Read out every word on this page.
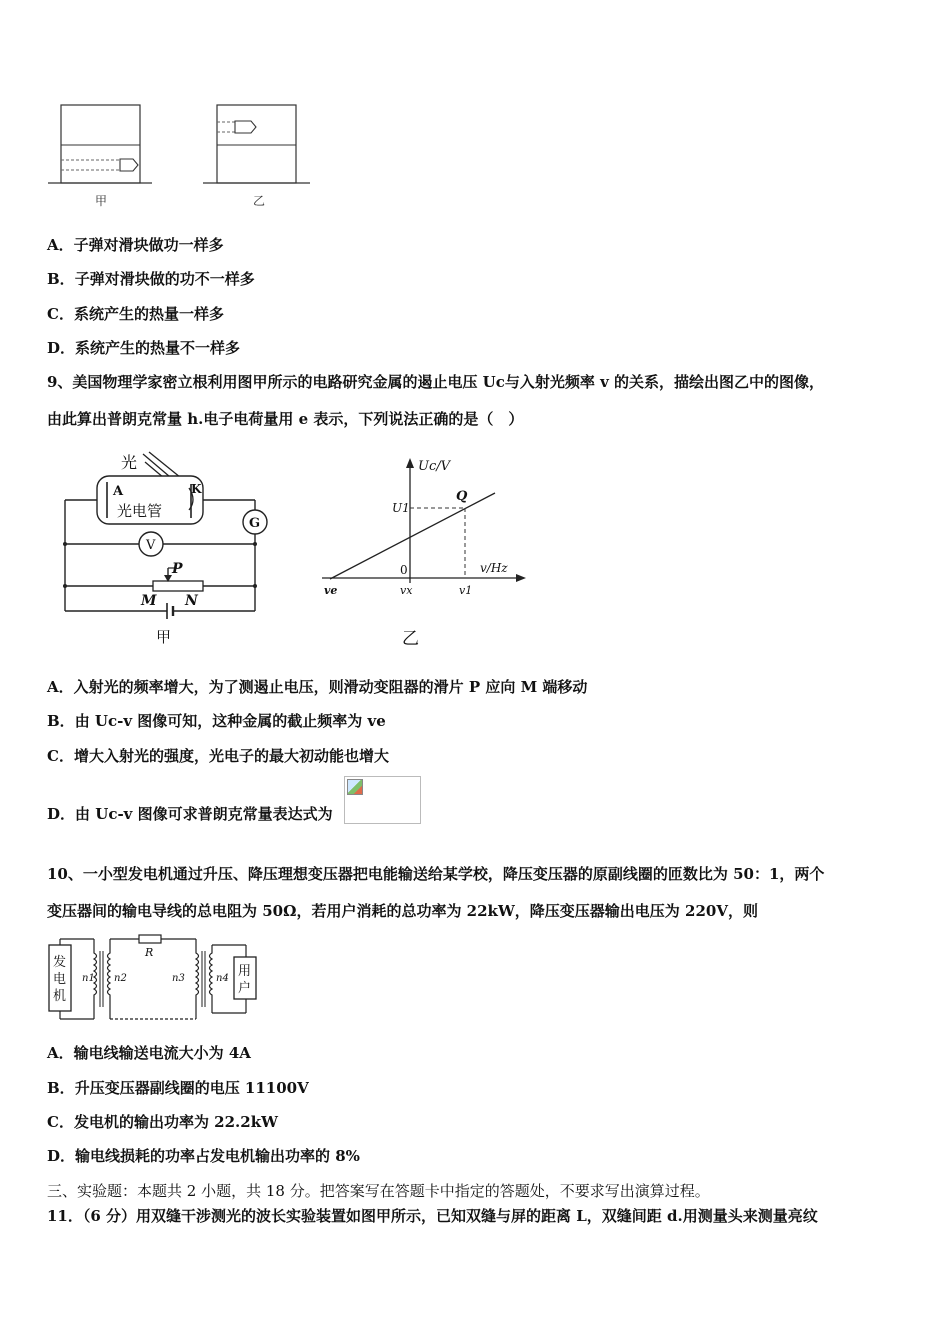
甲	乙
A．子弹对滑块做功一样多
B．子弹对滑块做的功不一样多
C．系统产生的热量一样多
D．系统产生的热量不一样多
9、美国物理学家密立根利用图甲所示的电路研究金属的遏止电压 Uc与入射光频率 v 的关系，描绘出图乙中的图像，
由此算出普朗克常量 h.电子电荷量用 e 表示，下列说法正确的是（　）
光
A	K
光电管
G
V
P
M N
甲
Uc/V
U1
Q
0	v/Hz
ve	vx	v1
乙
A．入射光的频率增大，为了测遏止电压，则滑动变阻器的滑片 P 应向 M 端移动
B．由 Uc-v 图像可知，这种金属的截止频率为 ve
C．增大入射光的强度，光电子的最大初动能也增大
D．由 Uc-v 图像可求普朗克常量表达式为
10、一小型发电机通过升压、降压理想变压器把电能输送给某学校，降压变压器的原副线圈的匝数比为 50：1，两个
变压器间的输电导线的总电阻为 50Ω，若用户消耗的总功率为 22kW，降压变压器输出电压为 220V，则
发
电
机
n1 n2
R
n3	n4 用
户
A．输电线输送电流大小为 4A
B．升压变压器副线圈的电压 11100V
C．发电机的输出功率为 22.2kW
D．输电线损耗的功率占发电机输出功率的 8%
三、实验题：本题共 2 小题，共 18 分。把答案写在答题卡中指定的答题处，不要求写出演算过程。
11．（6 分）用双缝干涉测光的波长实验装置如图甲所示，已知双缝与屏的距离 L，双缝间距 d.用测量头来测量亮纹
